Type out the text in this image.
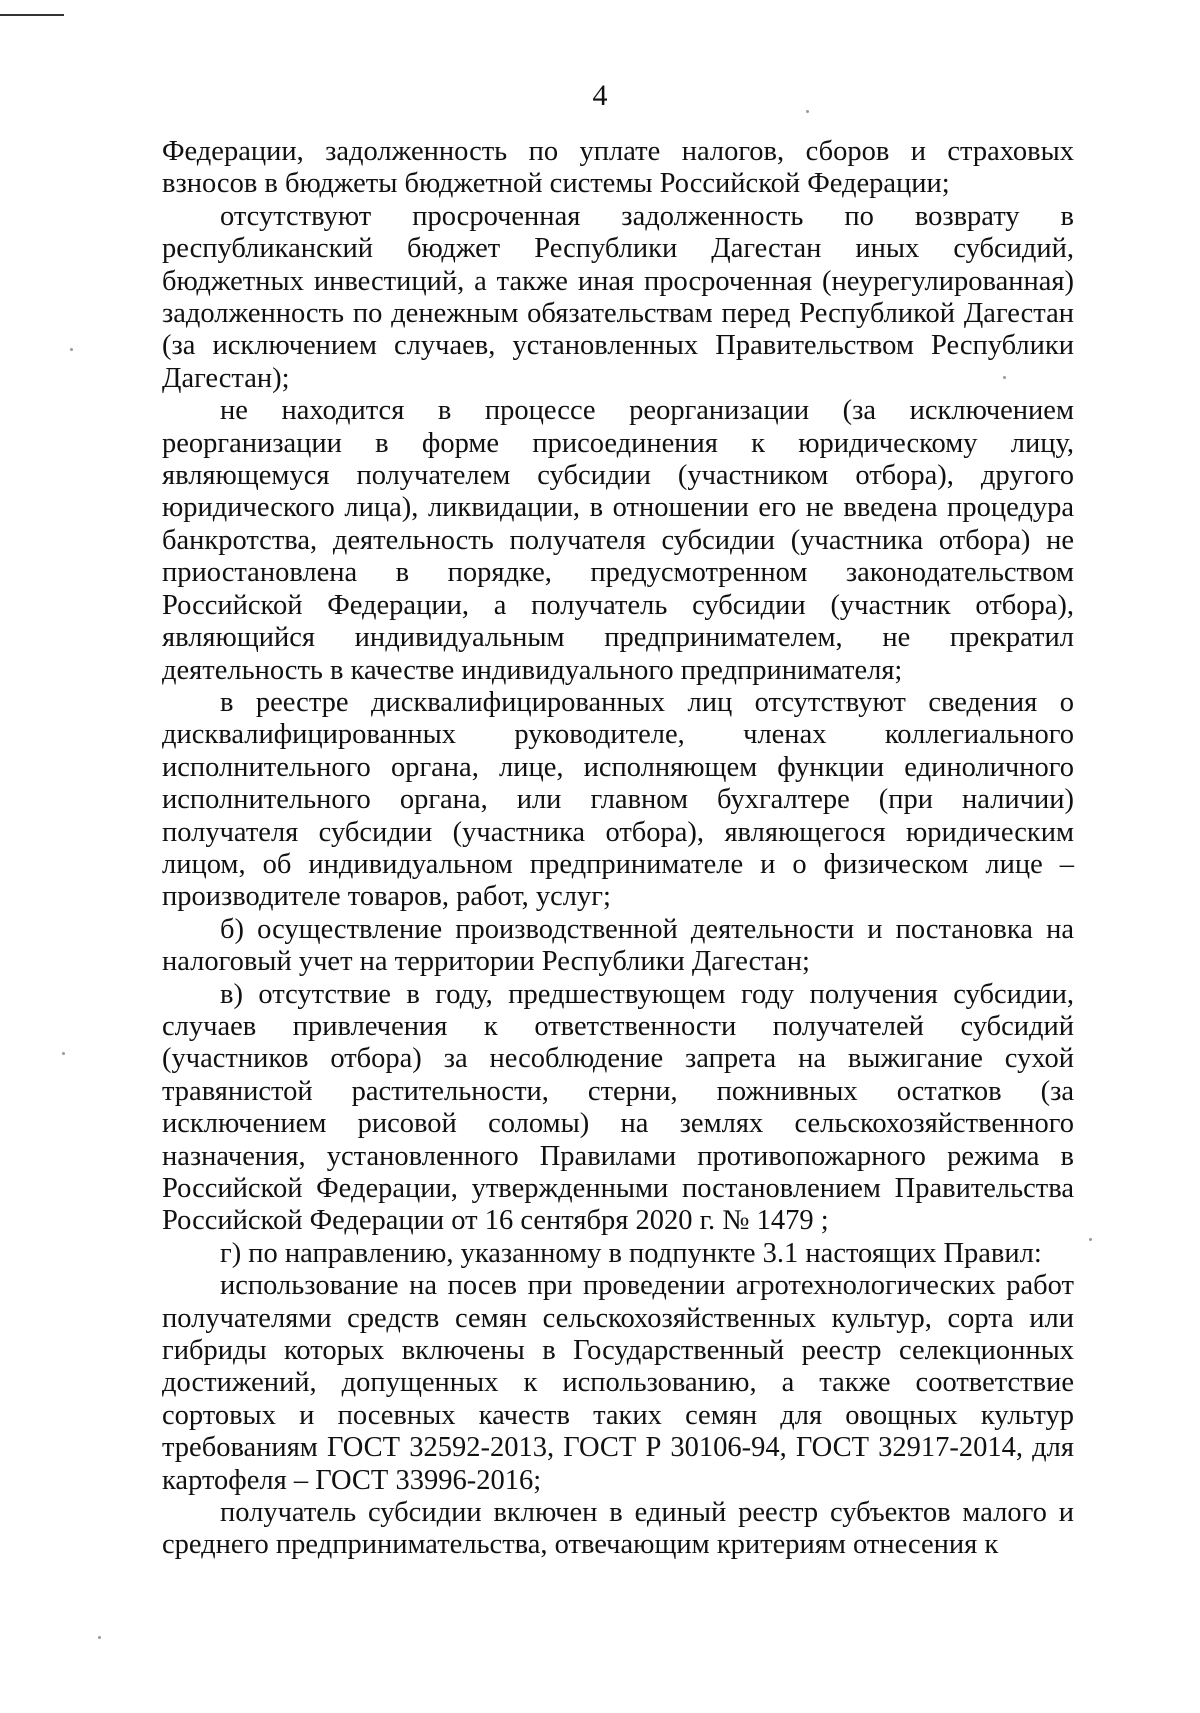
4

Федерации, задолженность по уплате налогов, сборов и страховых взносов в бюджеты бюджетной системы Российской Федерации;

отсутствуют просроченная задолженность по возврату в республиканский бюджет Республики Дагестан иных субсидий, бюджетных инвестиций, а также иная просроченная (неурегулированная) задолженность по денежным обязательствам перед Республикой Дагестан (за исключением случаев, установленных Правительством Республики Дагестан);

не находится в процессе реорганизации (за исключением реорганизации в форме присоединения к юридическому лицу, являющемуся получателем субсидии (участником отбора), другого юридического лица), ликвидации, в отношении его не введена процедура банкротства, деятельность получателя субсидии (участника отбора) не приостановлена в порядке, предусмотренном законодательством Российской Федерации, а получатель субсидии (участник отбора), являющийся индивидуальным предпринимателем, не прекратил деятельность в качестве индивидуального предпринимателя;

в реестре дисквалифицированных лиц отсутствуют сведения о дисквалифицированных руководителе, членах коллегиального исполнительного органа, лице, исполняющем функции единоличного исполнительного органа, или главном бухгалтере (при наличии) получателя субсидии (участника отбора), являющегося юридическим лицом, об индивидуальном предпринимателе и о физическом лице – производителе товаров, работ, услуг;

б) осуществление производственной деятельности и постановка на налоговый учет на территории Республики Дагестан;

в) отсутствие в году, предшествующем году получения субсидии, случаев привлечения к ответственности получателей субсидий (участников отбора) за несоблюдение запрета на выжигание сухой травянистой растительности, стерни, пожнивных остатков (за исключением рисовой соломы) на землях сельскохозяйственного назначения, установленного Правилами противопожарного режима в Российской Федерации, утвержденными постановлением Правительства Российской Федерации от 16 сентября 2020 г. № 1479 ;

г) по направлению, указанному в подпункте 3.1 настоящих Правил:

использование на посев при проведении агротехнологических работ получателями средств семян сельскохозяйственных культур, сорта или гибриды которых включены в Государственный реестр селекционных достижений, допущенных к использованию, а также соответствие сортовых и посевных качеств таких семян для овощных культур требованиям ГОСТ 32592-2013, ГОСТ Р 30106-94, ГОСТ 32917-2014, для картофеля – ГОСТ 33996-2016;

получатель субсидии включен в единый реестр субъектов малого и среднего предпринимательства, отвечающим критериям отнесения к
